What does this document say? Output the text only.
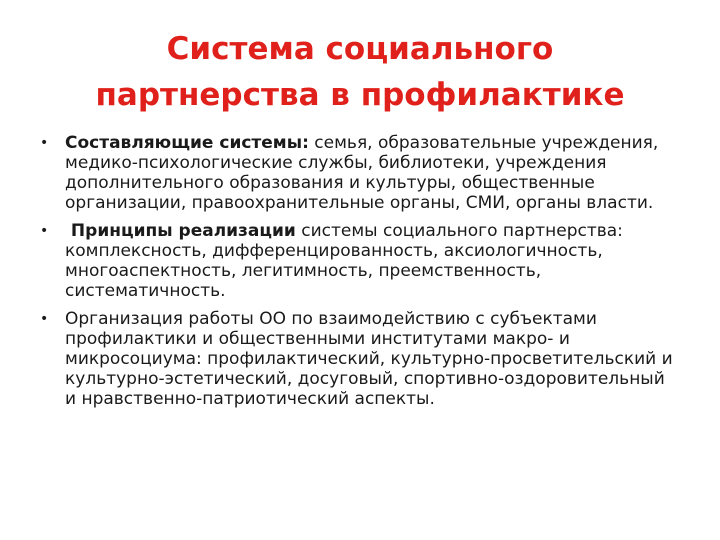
Система социального
партнерства в профилактике
• Составляющие системы: семья, образовательные учреждения, медико-психологические службы, библиотеки, учреждения дополнительного образования и культуры, общественные организации, правоохранительные органы, СМИ, органы власти.
• Принципы реализации системы социального партнерства: комплексность, дифференцированность, аксиологичность, многоаспектность, легитимность, преемственность, систематичность.
• Организация работы ОО по взаимодействию с субъектами профилактики и общественными институтами макро- и микросоциума: профилактический, культурно-просветительский и культурно-эстетический, досуговый, спортивно-оздоровительный и нравственно-патриотический аспекты.
